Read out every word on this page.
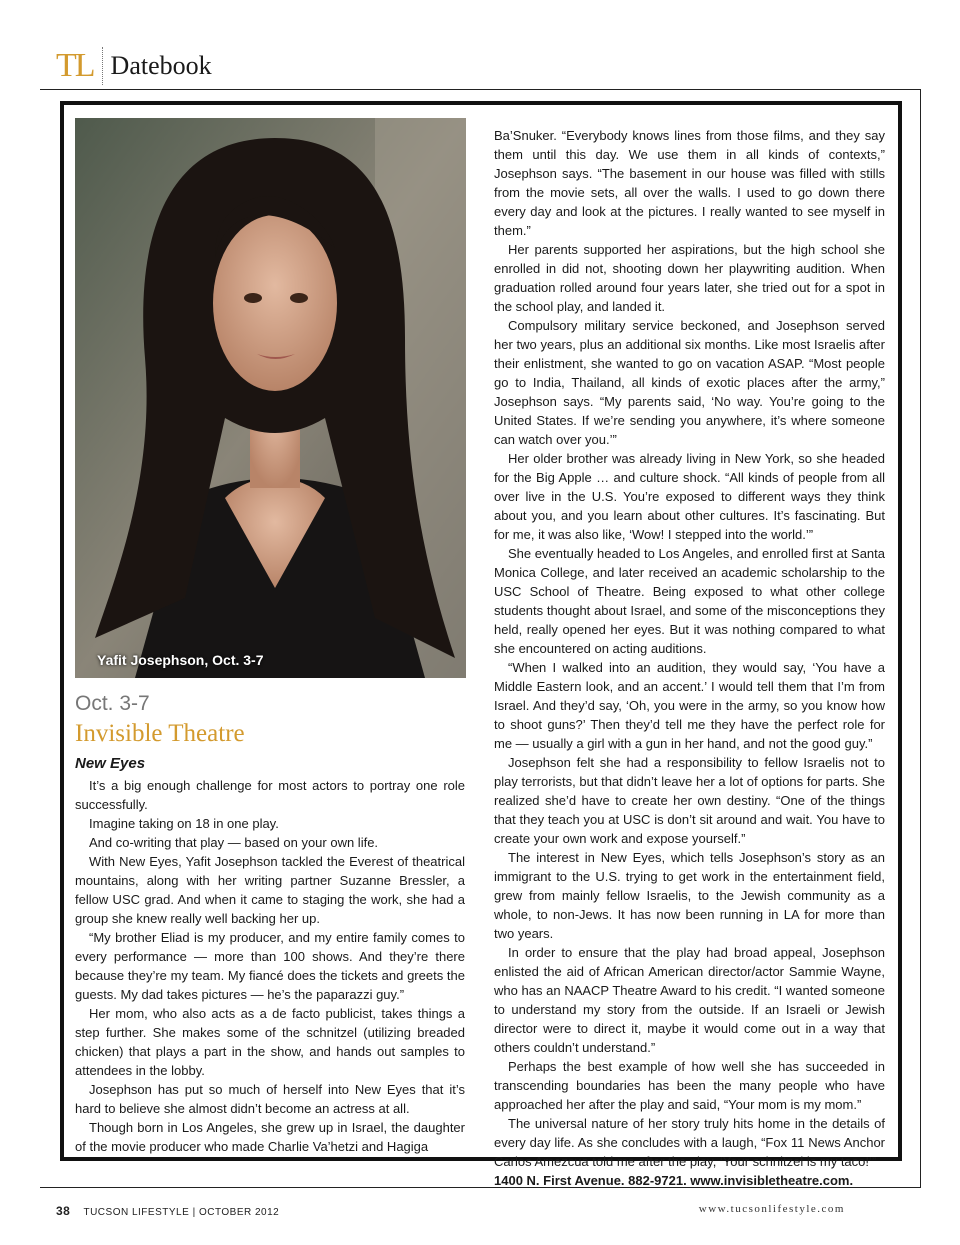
TL Datebook
Yafit Josephson, Oct. 3-7
Oct. 3-7
Invisible Theatre
New Eyes

It’s a big enough challenge for most actors to portray one role successfully.

Imagine taking on 18 in one play.

And co-writing that play — based on your own life.

With New Eyes, Yafit Josephson tackled the Everest of theatrical mountains, along with her writing partner Suzanne Bressler, a fellow USC grad. And when it came to staging the work, she had a group she knew really well backing her up.

“My brother Eliad is my producer, and my entire family comes to every performance — more than 100 shows. And they’re there because they’re my team. My fiancé does the tickets and greets the guests. My dad takes pictures — he’s the paparazzi guy.”

Her mom, who also acts as a de facto publicist, takes things a step further. She makes some of the schnitzel (utilizing breaded chicken) that plays a part in the show, and hands out samples to attendees in the lobby.

Josephson has put so much of herself into New Eyes that it’s hard to believe she almost didn’t become an actress at all.

Though born in Los Angeles, she grew up in Israel, the daughter of the movie producer who made Charlie Va’hetzi and Hagiga

Ba’Snuker. “Everybody knows lines from those films, and they say them until this day. We use them in all kinds of contexts,” Josephson says. “The basement in our house was filled with stills from the movie sets, all over the walls. I used to go down there every day and look at the pictures. I really wanted to see myself in them.”

Her parents supported her aspirations, but the high school she enrolled in did not, shooting down her playwriting audition. When graduation rolled around four years later, she tried out for a spot in the school play, and landed it.

Compulsory military service beckoned, and Josephson served her two years, plus an additional six months. Like most Israelis after their enlistment, she wanted to go on vacation ASAP. “Most people go to India, Thailand, all kinds of exotic places after the army,” Josephson says. “My parents said, ‘No way. You’re going to the United States. If we’re sending you anywhere, it’s where someone can watch over you.’”

Her older brother was already living in New York, so she headed for the Big Apple … and culture shock. “All kinds of people from all over live in the U.S. You’re exposed to different ways they think about you, and you learn about other cultures. It’s fascinating. But for me, it was also like, ‘Wow! I stepped into the world.’”

She eventually headed to Los Angeles, and enrolled first at Santa Monica College, and later received an academic scholarship to the USC School of Theatre. Being exposed to what other college students thought about Israel, and some of the misconceptions they held, really opened her eyes. But it was nothing compared to what she encountered on acting auditions.

“When I walked into an audition, they would say, ‘You have a Middle Eastern look, and an accent.’ I would tell them that I’m from Israel. And they’d say, ‘Oh, you were in the army, so you know how to shoot guns?’ Then they’d tell me they have the perfect role for me — usually a girl with a gun in her hand, and not the good guy.”

Josephson felt she had a responsibility to fellow Israelis not to play terrorists, but that didn’t leave her a lot of options for parts. She realized she’d have to create her own destiny. “One of the things that they teach you at USC is don’t sit around and wait. You have to create your own work and expose yourself.”

The interest in New Eyes, which tells Josephson’s story as an immigrant to the U.S. trying to get work in the entertainment field, grew from mainly fellow Israelis, to the Jewish community as a whole, to non-Jews. It has now been running in LA for more than two years.

In order to ensure that the play had broad appeal, Josephson enlisted the aid of African American director/actor Sammie Wayne, who has an NAACP Theatre Award to his credit. “I wanted someone to understand my story from the outside. If an Israeli or Jewish director were to direct it, maybe it would come out in a way that others couldn’t understand.”

Perhaps the best example of how well she has succeeded in transcending boundaries has been the many people who have approached her after the play and said, “Your mom is my mom.”

The universal nature of her story truly hits home in the details of every day life. As she concludes with a laugh, “Fox 11 News Anchor Carlos Amezcua told me after the play, ‘Your schnitzel is my taco!’”

1400 N. First Avenue. 882-9721. www.invisibletheatre.com.

38 TUCSON LIFESTYLE | OCTOBER 2012	www.tucsonlifestyle.com
